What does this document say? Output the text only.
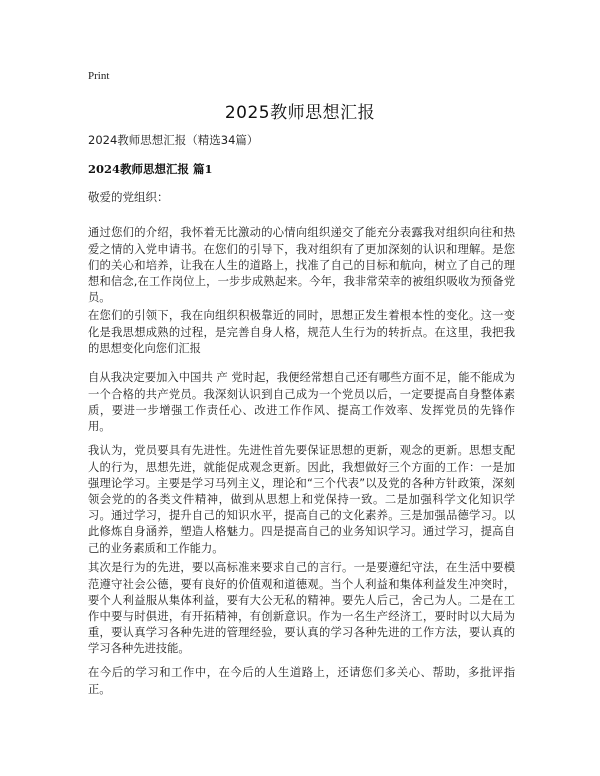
Print
2025教师思想汇报
2024教师思想汇报（精选34篇）
2024教师思想汇报 篇1
敬爱的党组织：

通过您们的介绍，我怀着无比激动的心情向组织递交了能充分表露我对组织向往和热爱之情的入党申请书。在您们的引导下，我对组织有了更加深刻的认识和理解。是您们的关心和培养，让我在人生的道路上，找准了自己的目标和航向，树立了自己的理想和信念,在工作岗位上，一步步成熟起来。今年，我非常荣幸的被组织吸收为预备党员。

在您们的引领下，我在向组织积极靠近的同时，思想正发生着根本性的变化。这一变化是我思想成熟的过程，是完善自身人格，规范人生行为的转折点。在这里，我把我的思想变化向您们汇报

自从我决定要加入中国共 产 党时起，我便经常想自己还有哪些方面不足，能不能成为一个合格的共产党员。我深刻认识到自己成为一个党员以后，一定要提高自身整体素质，要进一步增强工作责任心、改进工作作风、提高工作效率、发挥党员的先锋作用。

我认为，党员要具有先进性。先进性首先要保证思想的更新，观念的更新。思想支配人的行为，思想先进，就能促成观念更新。因此，我想做好三个方面的工作：一是加强理论学习。主要是学习马列主义，理论和“三个代表”以及党的各种方针政策，深刻领会党的的各类文件精神，做到从思想上和党保持一致。二是加强科学文化知识学习。通过学习，提升自己的知识水平，提高自己的文化素养。三是加强品德学习。以此修炼自身涵养，塑造人格魅力。四是提高自己的业务知识学习。通过学习，提高自己的业务素质和工作能力。

其次是行为的先进，要以高标准来要求自己的言行。一是要遵纪守法，在生活中要模范遵守社会公德，要有良好的价值观和道德观。当个人利益和集体利益发生冲突时，要个人利益服从集体利益，要有大公无私的精神。要先人后己，舍己为人。二是在工作中要与时俱进，有开拓精神，有创新意识。作为一名生产经济工，要时时以大局为重，要认真学习各种先进的管理经验，要认真的学习各种先进的工作方法，要认真的学习各种先进技能。

在今后的学习和工作中，在今后的人生道路上，还请您们多关心、帮助，多批评指正。
